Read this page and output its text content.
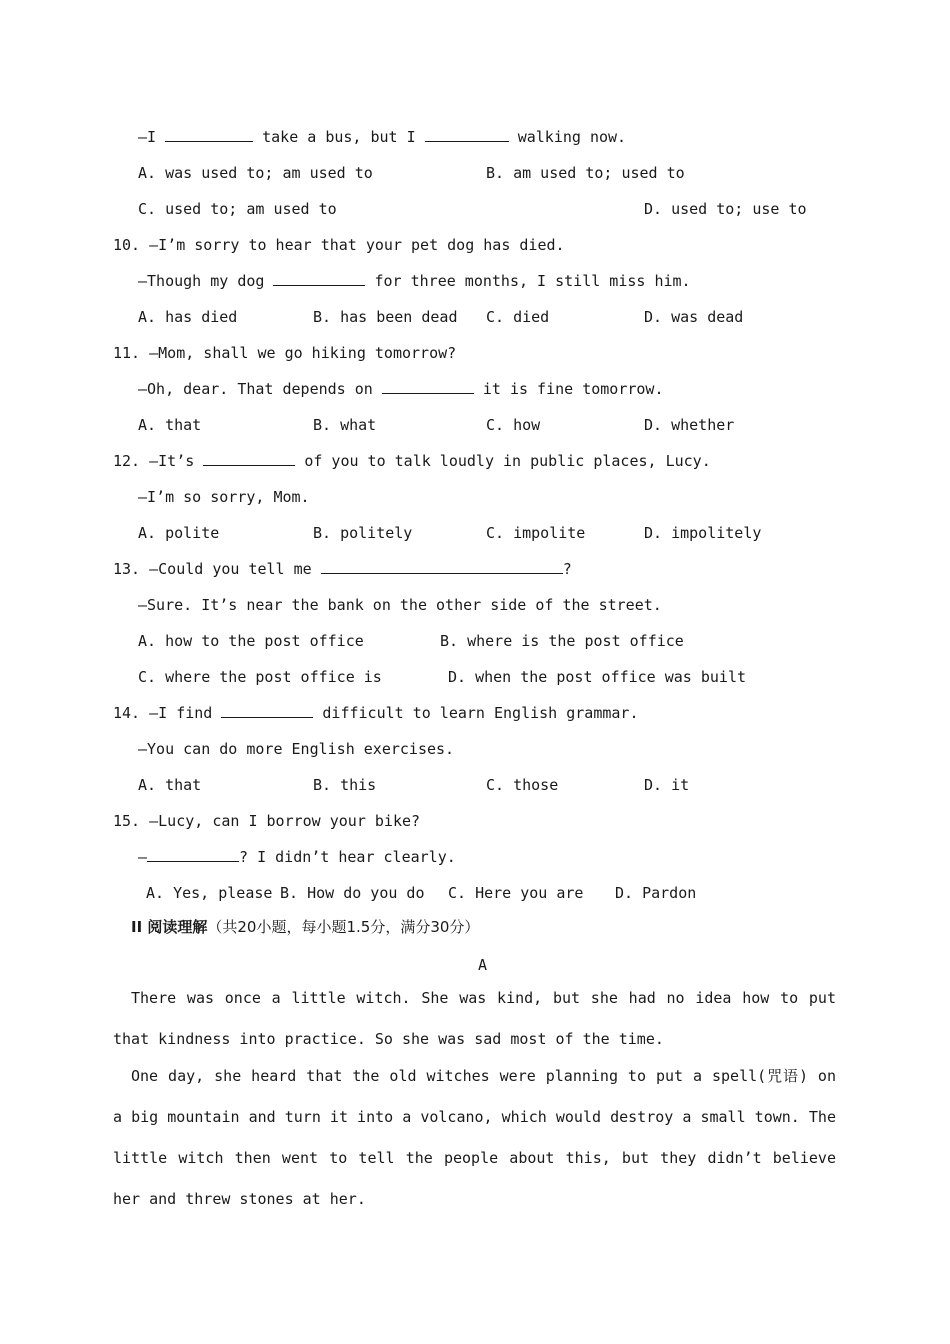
—I	take a bus, but I	walking now.
A. was used to; am used to	B. am used to; used to
C. used to; am used to	D. used to; use to
10. —I’m sorry to hear that your pet dog has died.
—Though my dog	for three months, I still miss him.
A. has died	B. has been dead C. died	D. was dead
11. —Mom, shall we go hiking tomorrow?
—Oh, dear. That depends on	it is fine tomorrow.
A. that	B. what	C. how	D. whether
12. —It’s	of you to talk loudly in public places, Lucy.
—I’m so sorry, Mom.
A. polite	B. politely	C. impolite	D. impolitely
13. —Could you tell me	?
—Sure. It’s near the bank on the other side of the street.
A. how to the post office	B. where is the post office
C. where the post office is	D. when the post office was built
14. —I find	difficult to learn English grammar.
—You can do more English exercises.
A. that	B. this	C. those	D. it
15. —Lucy, can I borrow your bike?
—	? I didn’t hear clearly.
A. Yes, please B. How do you do C. Here you are D. Pardon
II 阅读理解（共20小题，每小题1.5分，满分30分）
A
There was once a little witch. She was kind, but she had no idea how to put that kindness into practice. So she was sad most of the time.
One day, she heard that the old witches were planning to put a spell(咒语) on a big mountain and turn it into a volcano, which would destroy a small town. The little witch then went to tell the people about this, but they didn’t believe her and threw stones at her.
